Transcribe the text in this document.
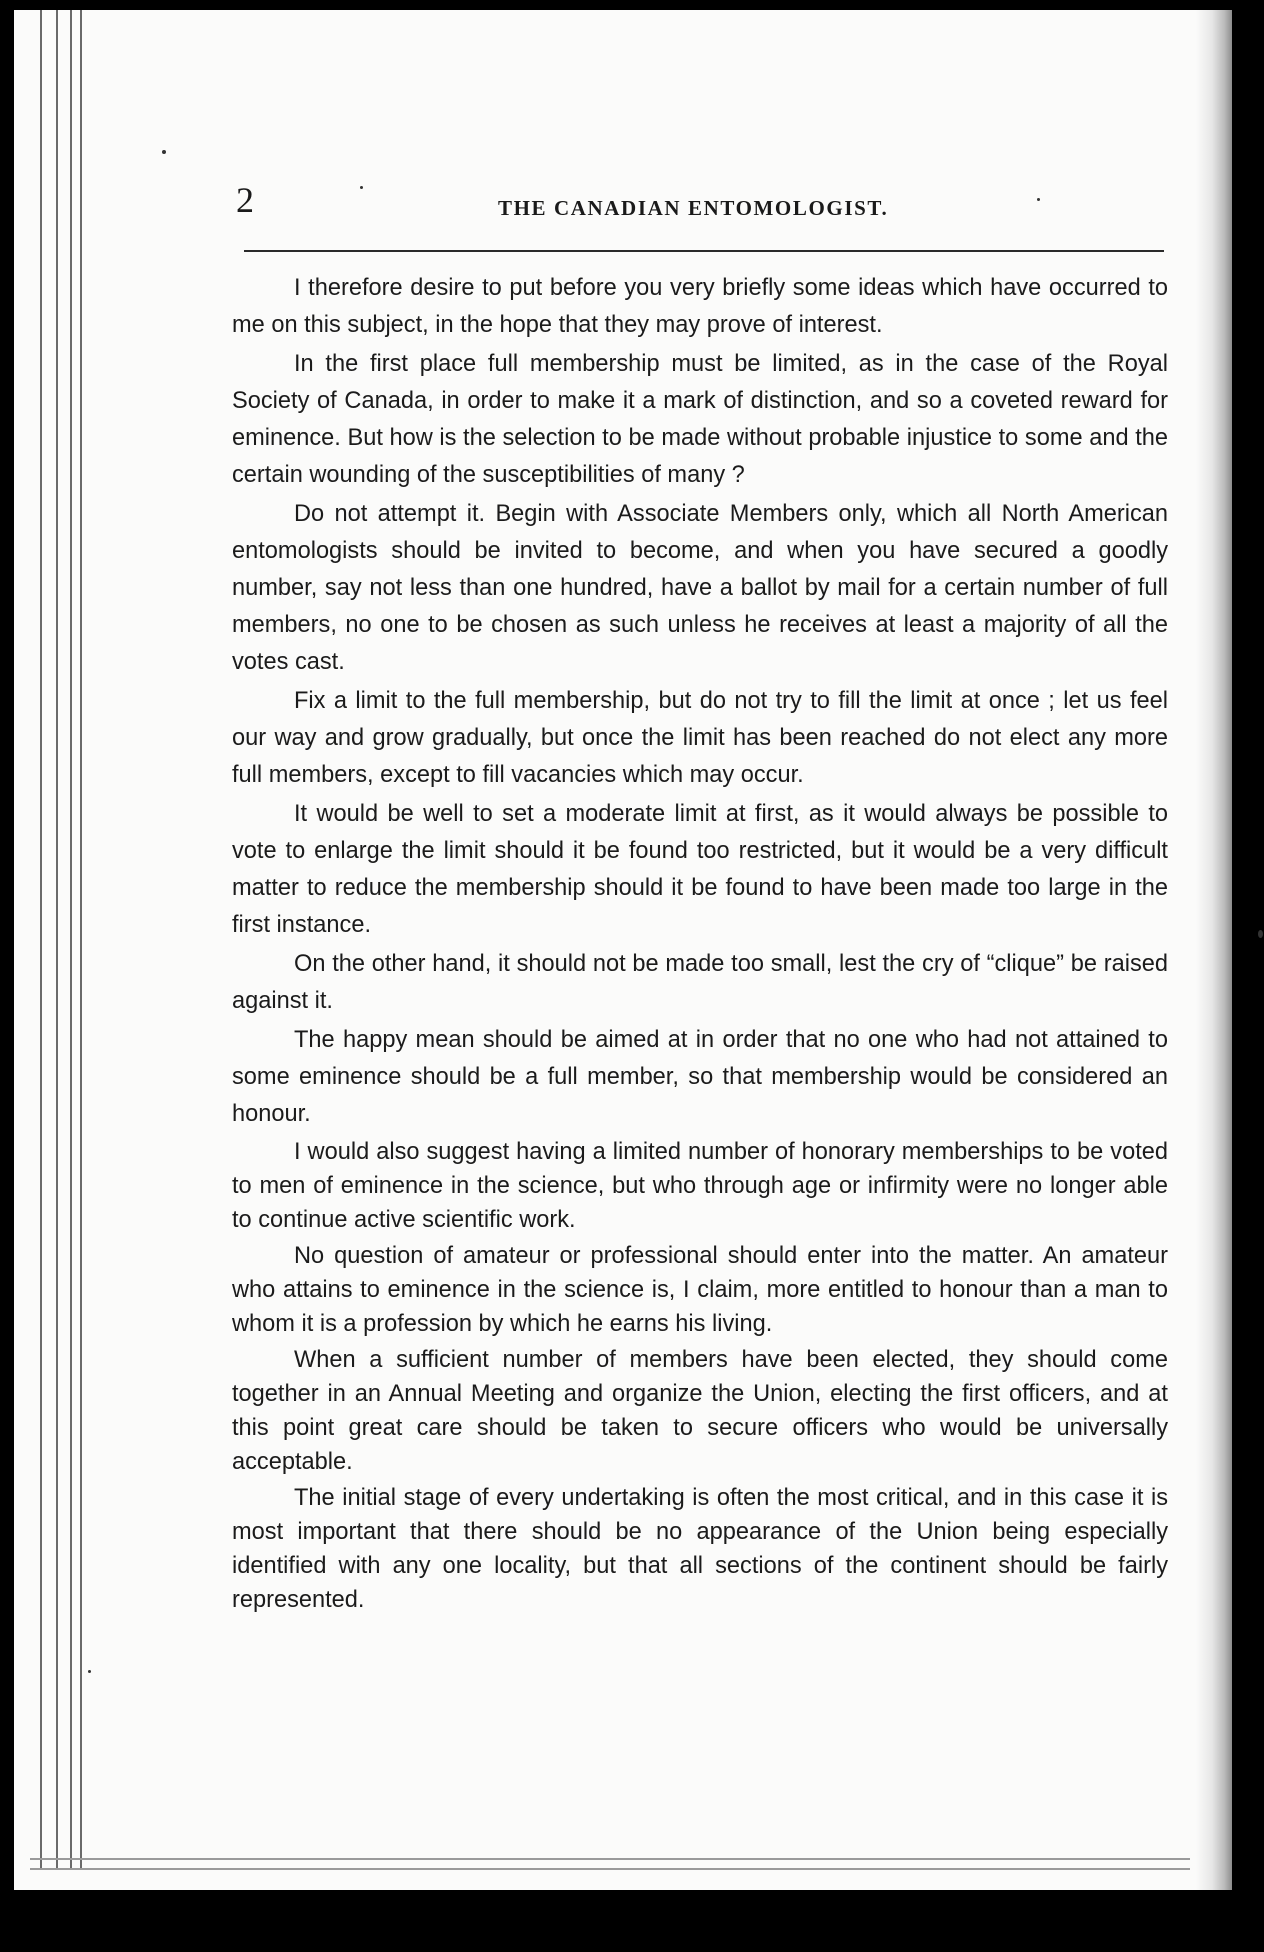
2	THE CANADIAN ENTOMOLOGIST.

I therefore desire to put before you very briefly some ideas which have occurred to me on this subject, in the hope that they may prove of interest.

In the first place full membership must be limited, as in the case of the Royal Society of Canada, in order to make it a mark of distinction, and so a coveted reward for eminence. But how is the selection to be made without probable injustice to some and the certain wounding of the susceptibilities of many ?

Do not attempt it. Begin with Associate Members only, which all North American entomologists should be invited to become, and when you have secured a goodly number, say not less than one hundred, have a ballot by mail for a certain number of full members, no one to be chosen as such unless he receives at least a majority of all the votes cast.

Fix a limit to the full membership, but do not try to fill the limit at once ; let us feel our way and grow gradually, but once the limit has been reached do not elect any more full members, except to fill vacancies which may occur.

It would be well to set a moderate limit at first, as it would always be possible to vote to enlarge the limit should it be found too restricted, but it would be a very difficult matter to reduce the membership should it be found to have been made too large in the first instance.

On the other hand, it should not be made too small, lest the cry of “clique” be raised against it.

The happy mean should be aimed at in order that no one who had not attained to some eminence should be a full member, so that membership would be considered an honour.

I would also suggest having a limited number of honorary memberships to be voted to men of eminence in the science, but who through age or infirmity were no longer able to continue active scientific work.

No question of amateur or professional should enter into the matter. An amateur who attains to eminence in the science is, I claim, more entitled to honour than a man to whom it is a profession by which he earns his living.

When a sufficient number of members have been elected, they should come together in an Annual Meeting and organize the Union, electing the first officers, and at this point great care should be taken to secure officers who would be universally acceptable.

The initial stage of every undertaking is often the most critical, and in this case it is most important that there should be no appearance of the Union being especially identified with any one locality, but that all sections of the continent should be fairly represented.
